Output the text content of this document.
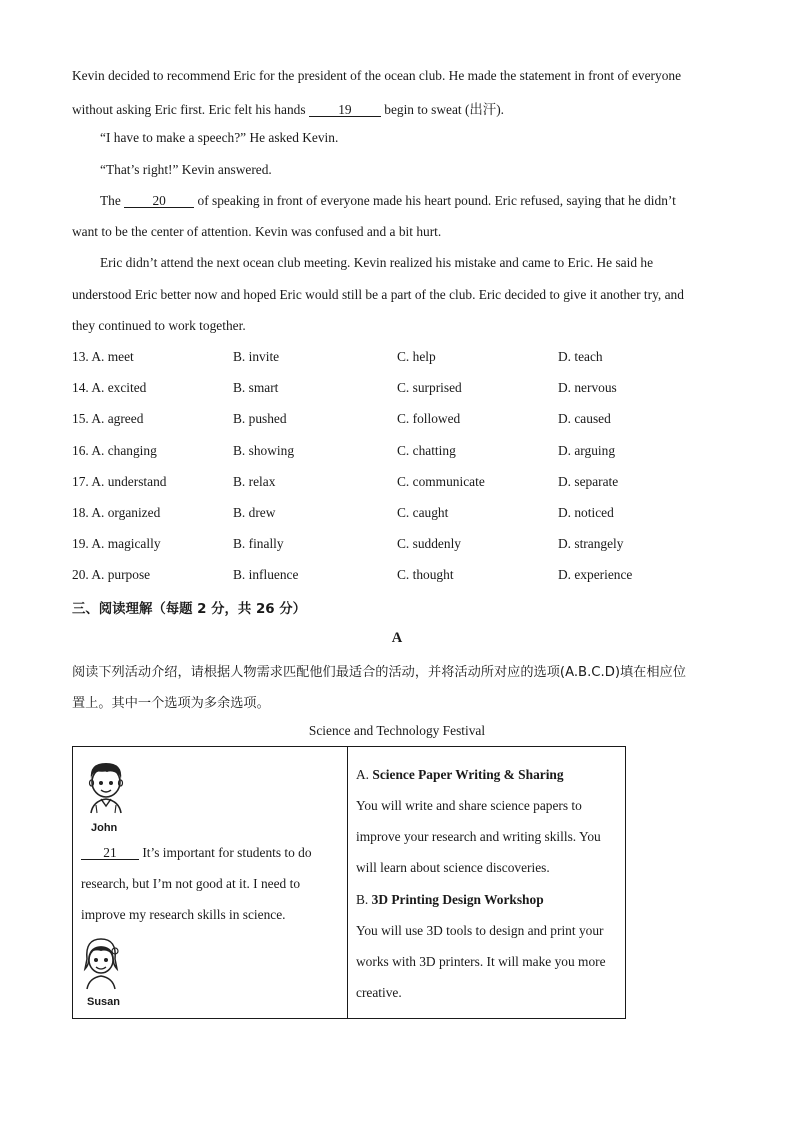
Kevin decided to recommend Eric for the president of the ocean club. He made the statement in front of everyone
without asking Eric first. Eric felt his hands 19 begin to sweat (出汗).
“I have to make a speech?” He asked Kevin.
“That’s right!” Kevin answered.
The 20 of speaking in front of everyone made his heart pound. Eric refused, saying that he didn’t
want to be the center of attention. Kevin was confused and a bit hurt.
Eric didn’t attend the next ocean club meeting. Kevin realized his mistake and came to Eric. He said he
understood Eric better now and hoped Eric would still be a part of the club. Eric decided to give it another try, and
they continued to work together.
13. A. meet	B. invite	C. help	D. teach
14. A. excited	B. smart	C. surprised	D. nervous
15. A. agreed	B. pushed	C. followed	D. caused
16. A. changing	B. showing	C. chatting	D. arguing
17. A. understand	B. relax	C. communicate	D. separate
18. A. organized	B. drew	C. caught	D. noticed
19. A. magically	B. finally	C. suddenly	D. strangely
20. A. purpose	B. influence	C. thought	D. experience
三、阅读理解（每题 2 分，共 26 分）
A
阅读下列活动介绍，请根据人物需求匹配他们最适合的活动，并将活动所对应的选项(A.B.C.D)填在相应位
置上。其中一个选项为多余选项。
Science and Technology Festival
John
21 It’s important for students to do
research, but I’m not good at it. I need to
improve my research skills in science.
Susan

A. Science Paper Writing & Sharing
You will write and share science papers to
improve your research and writing skills. You
will learn about science discoveries.
B. 3D Printing Design Workshop
You will use 3D tools to design and print your
works with 3D printers. It will make you more
creative.
